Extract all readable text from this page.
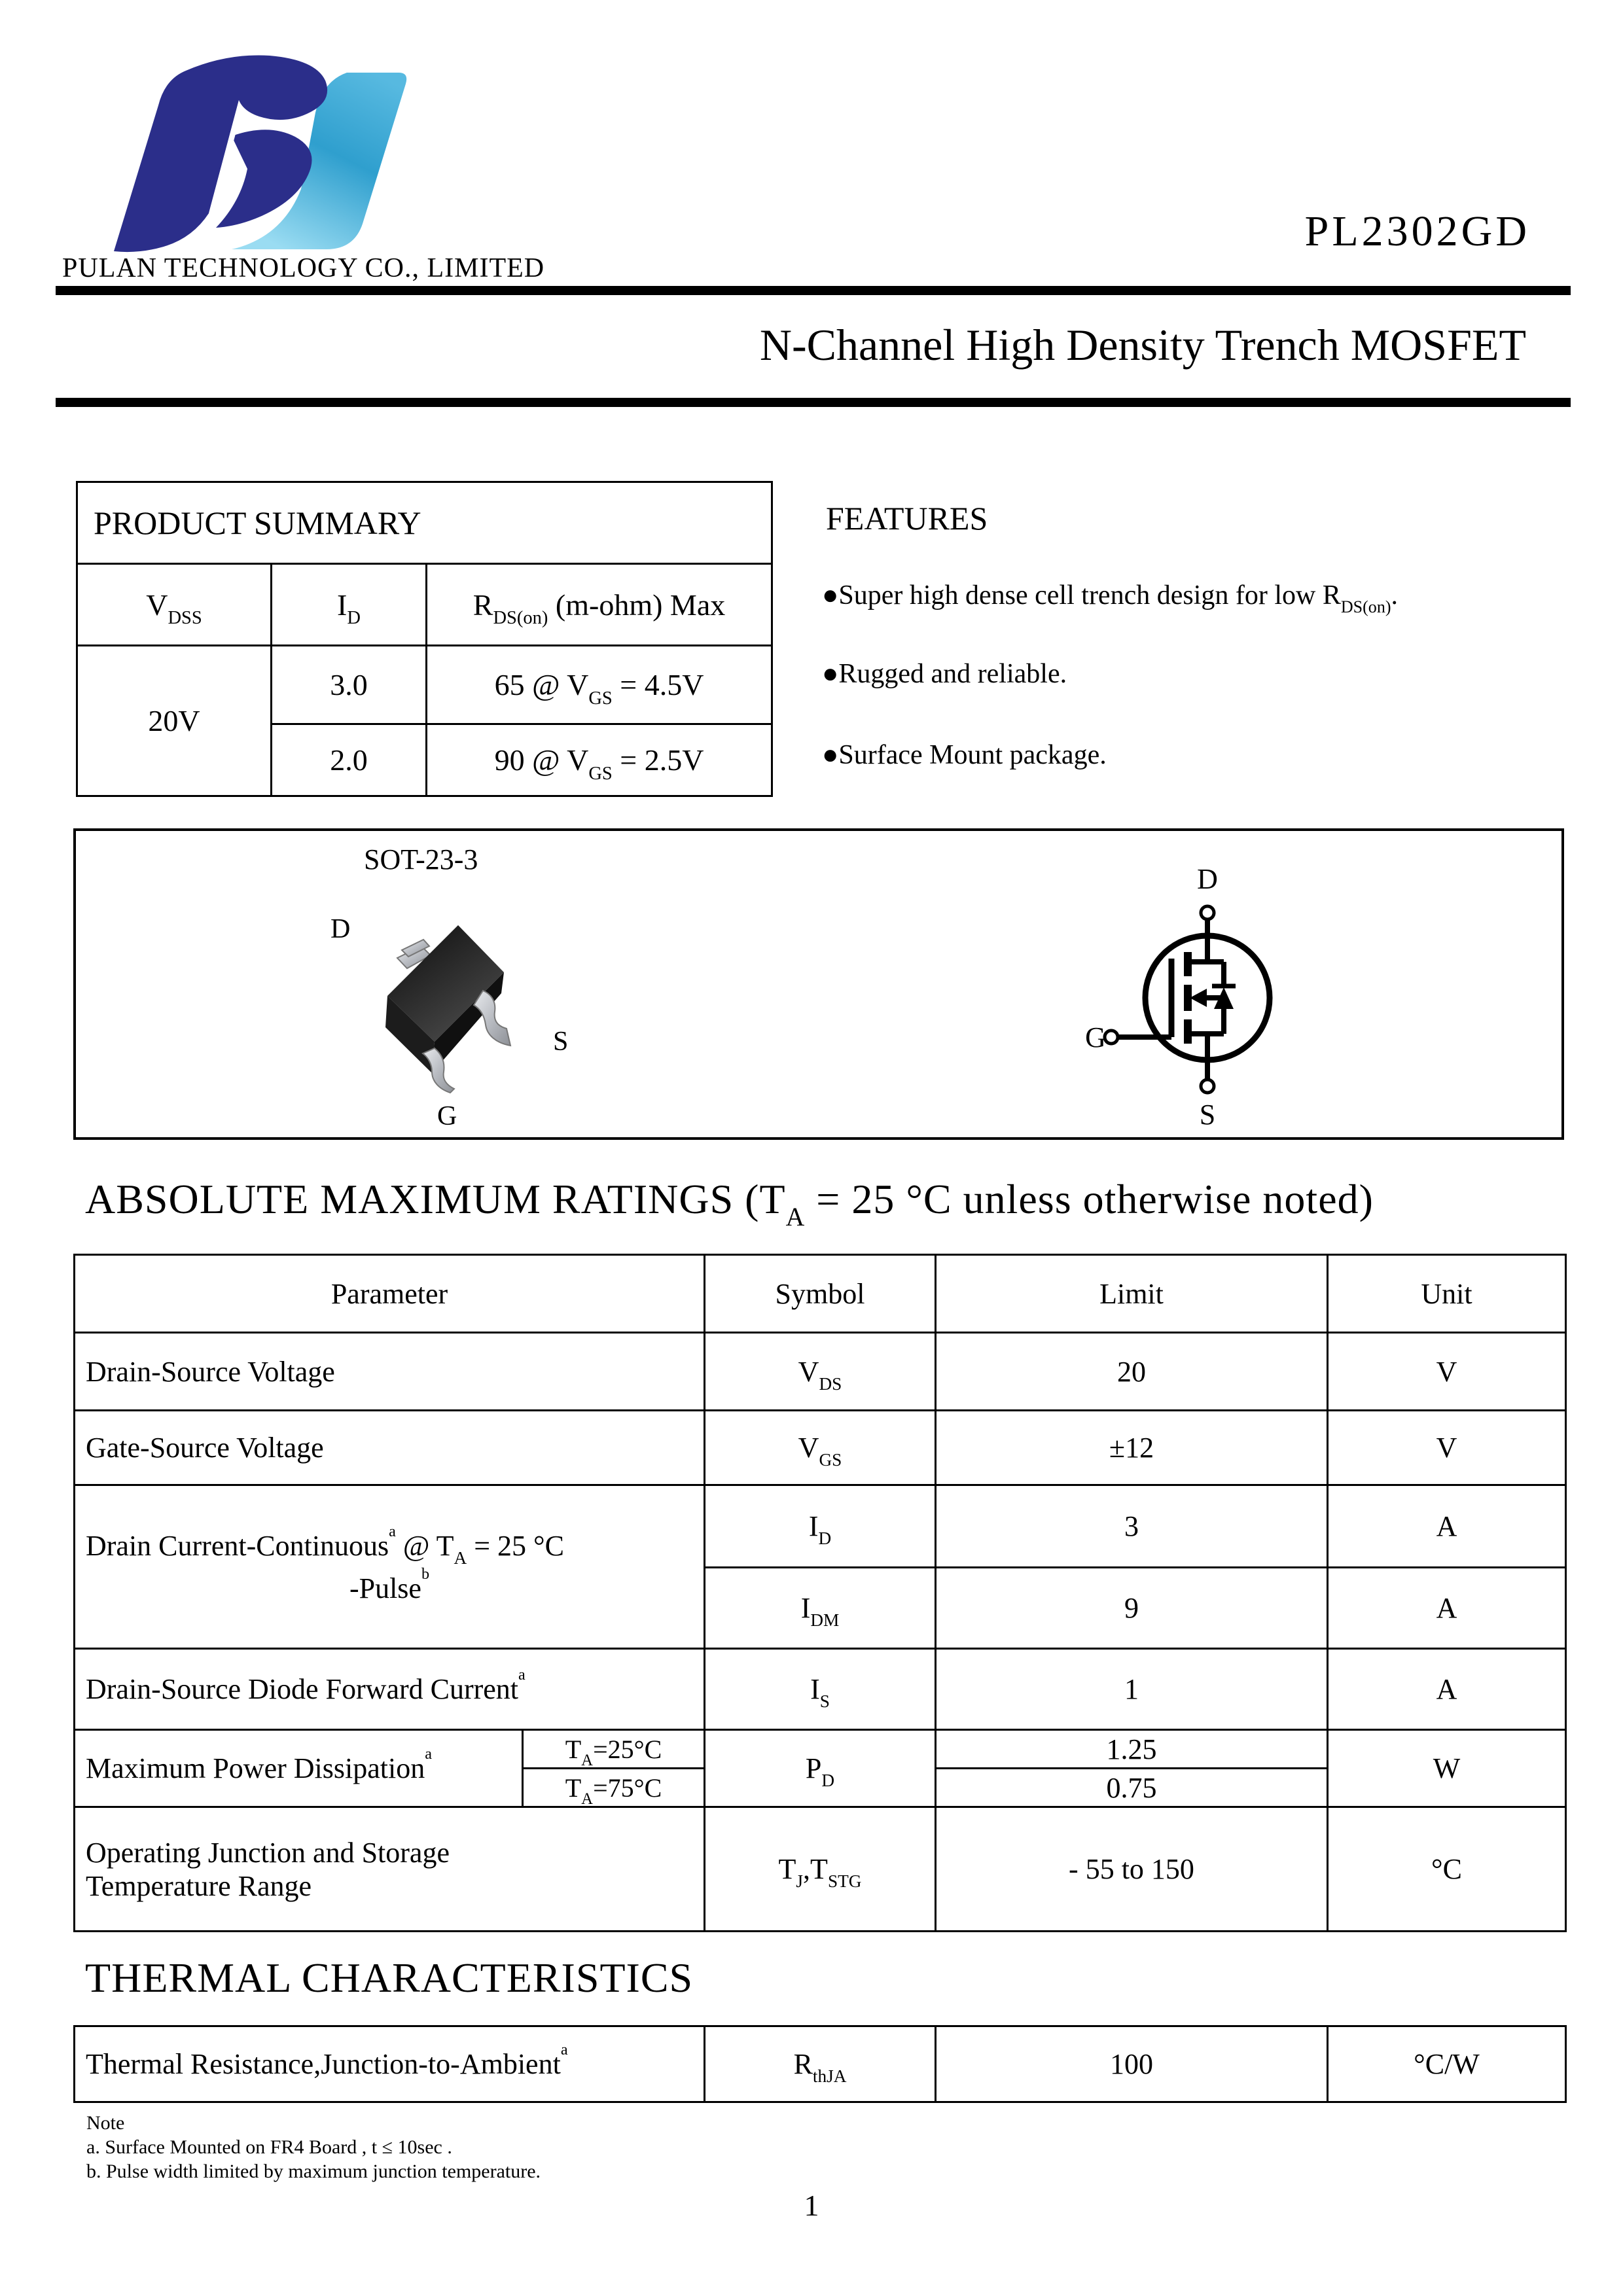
PULAN TECHNOLOGY CO., LIMITED
PL2302GD
N-Channel High Density Trench MOSFET
PRODUCT SUMMARY		
$V_{DSS}$	$I_D$	$R_{DS(on)}$ (m-ohm) Max
20V	3.0	65 @ $V_{GS} = 4.5V$
	2.0	90 @ $V_{GS} = 2.5V$
FEATURES
●Super high dense cell trench design for low $R_{DS(on)}$.
●Rugged and reliable.
●Surface Mount package.
SOT-23-3
D
S
G
D
G
S
ABSOLUTE MAXIMUM RATINGS ($T_A = 25$ °C unless otherwise noted)
Parameter		Symbol	Limit	Unit
Drain-Source Voltage		$V_{DS}$	20	V
Gate-Source Voltage		$V_{GS}$	±12	V

Drain Current-Continuous$^a$ @ $T_A = 25$ °C
-Pulse$^b$		$I_D$	3	A
		$I_{DM}$	9	A
Drain-Source Diode Forward Current$^a$		$I_S$	1	A
Maximum Power Dissipation$^a$	$T_A=25^\circ C$	$P_D$	1.25	W
	$T_A=75^\circ C$		0.75	

Operating Junction and Storage
Temperature Range		$T_J,T_{STG}$	- 55 to 150	°C
THERMAL CHARACTERISTICS
Thermal Resistance,Junction-to-Ambient$^a$	$R_{thJA}$	100	°C/W
Note
a. Surface Mounted on FR4 Board , t ≤ 10sec .
b. Pulse width limited by maximum junction temperature.
1
